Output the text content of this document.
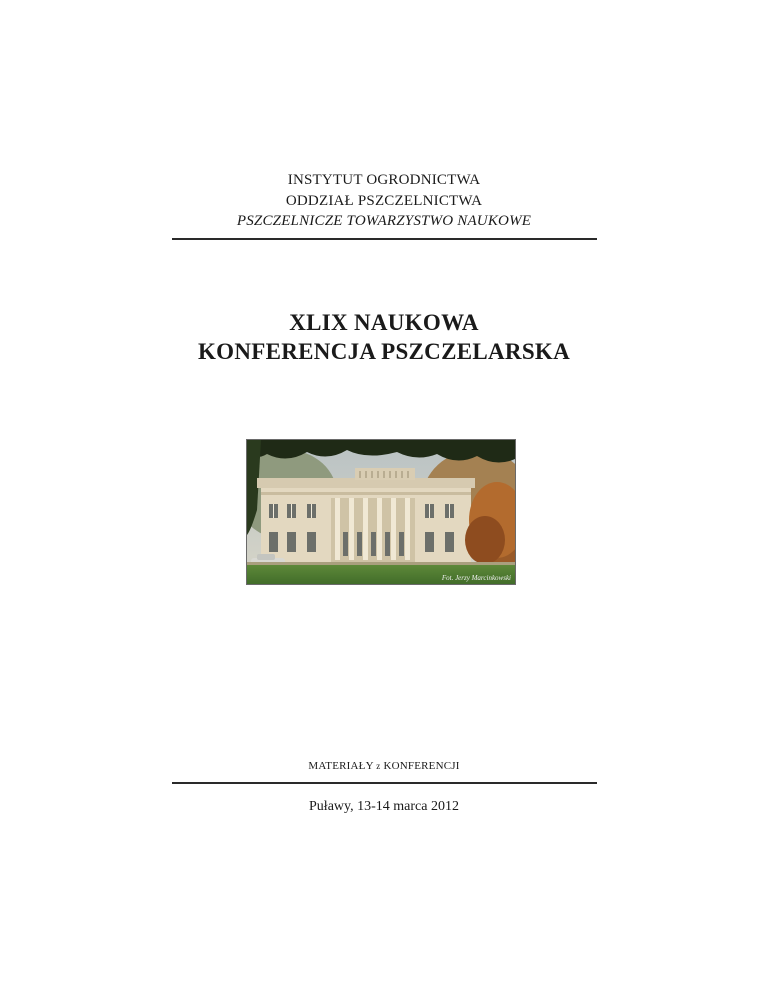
INSTYTUT OGRODNICTWA
ODDZIAŁ PSZCZELNICTWA
PSZCZELNICZE TOWARZYSTWO NAUKOWE
XLIX NAUKOWA
KONFERENCJA PSZCZELARSKA
Fot. Jerzy Marcinkowski
MATERIAŁY z KONFERENCJI
Puławy, 13-14 marca 2012
